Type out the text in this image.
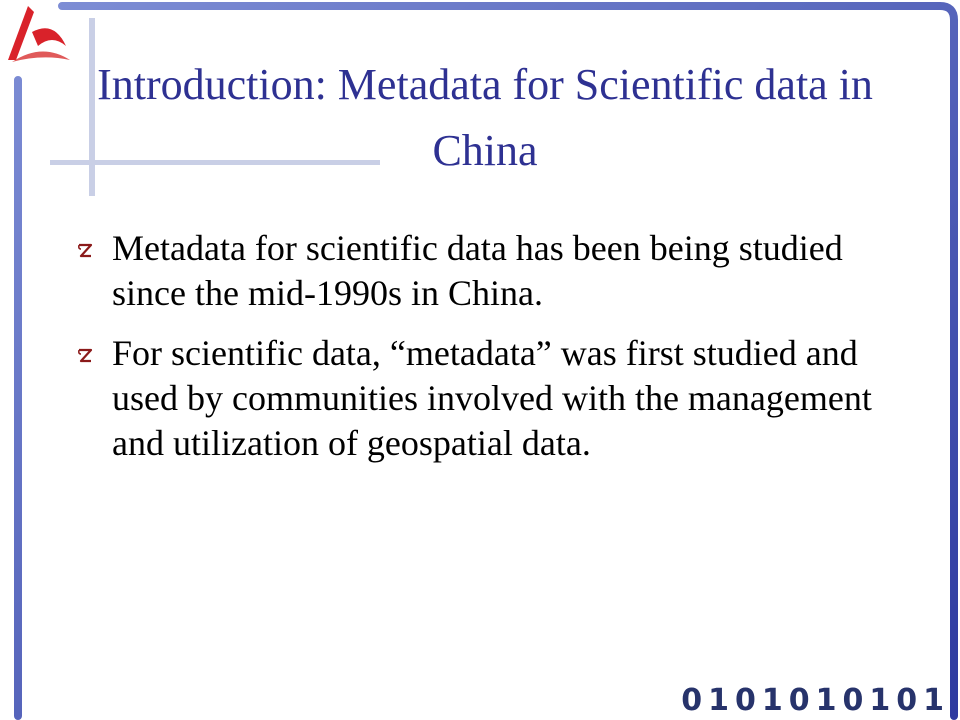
Introduction: Metadata for Scientific data in China
Metadata for scientific data has been being studied since the mid-1990s in China.
For scientific data, “metadata” was first studied and used by communities involved with the management and utilization of geospatial data.
0101010101
